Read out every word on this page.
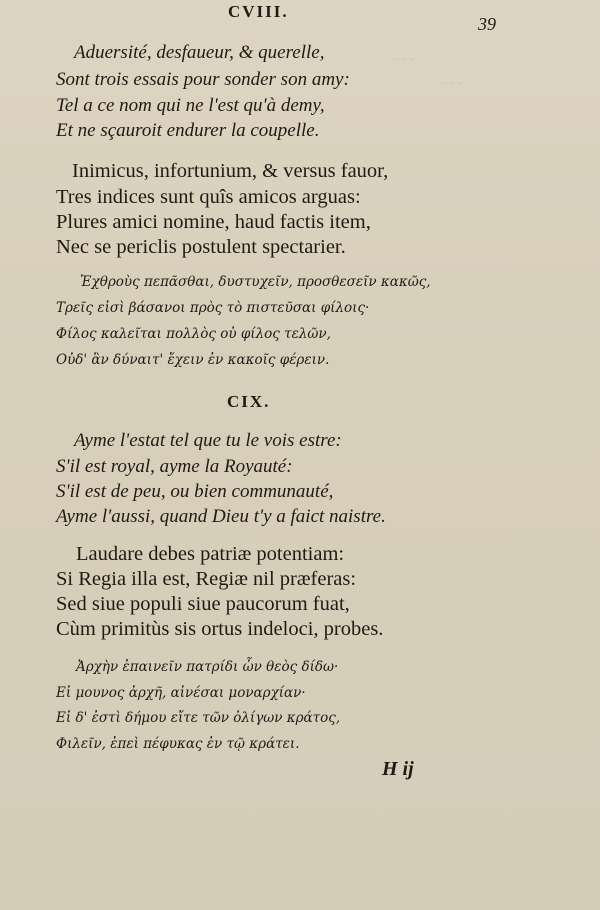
CVIII.
39
· · ·
· · ·
Aduersité, desfaueur, & querelle,
Sont trois essais pour sonder son amy:
Tel a ce nom qui ne l'est qu'à demy,
Et ne sçauroit endurer la coupelle.
Inimicus, infortunium, & versus fauor,
Tres indices sunt quîs amicos arguas:
Plures amici nomine, haud factis item,
Nec se periclis postulent spectarier.
Ἐχθροὺς πεπᾶσθαι, δυστυχεῖν, προσθεσεῖν κακῶς,
Τρεῖς εἰσὶ βάσανοι πρὸς τὸ πιστεῦσαι φίλοις·
Φίλος καλεῖται πολλὸς οὐ φίλος τελῶν,
Οὐδ' ἂν δύναιτ' ἔχειν ἐν κακοῖς φέρειν.
CIX.
Ayme l'estat tel que tu le vois estre:
S'il est royal, ayme la Royauté:
S'il est de peu, ou bien communauté,
Ayme l'aussi, quand Dieu t'y a faict naistre.
Laudare debes patriæ potentiam:
Si Regia illa est, Regiæ nil præferas:
Sed siue populi siue paucorum fuat,
Cùm primitùs sis ortus indeloci, probes.
Ἀρχὴν ἐπαινεῖν πατρίδι ὧν θεὸς δίδω·
Εἰ μουνος ἀρχῆ, αἰνέσαι μοναρχίαν·
Εἰ δ' ἐστὶ δήμου εἴτε τῶν ὀλίγων κράτος,
Φιλεῖν, ἐπεὶ πέφυκας ἐν τῷ κράτει.
H ij
